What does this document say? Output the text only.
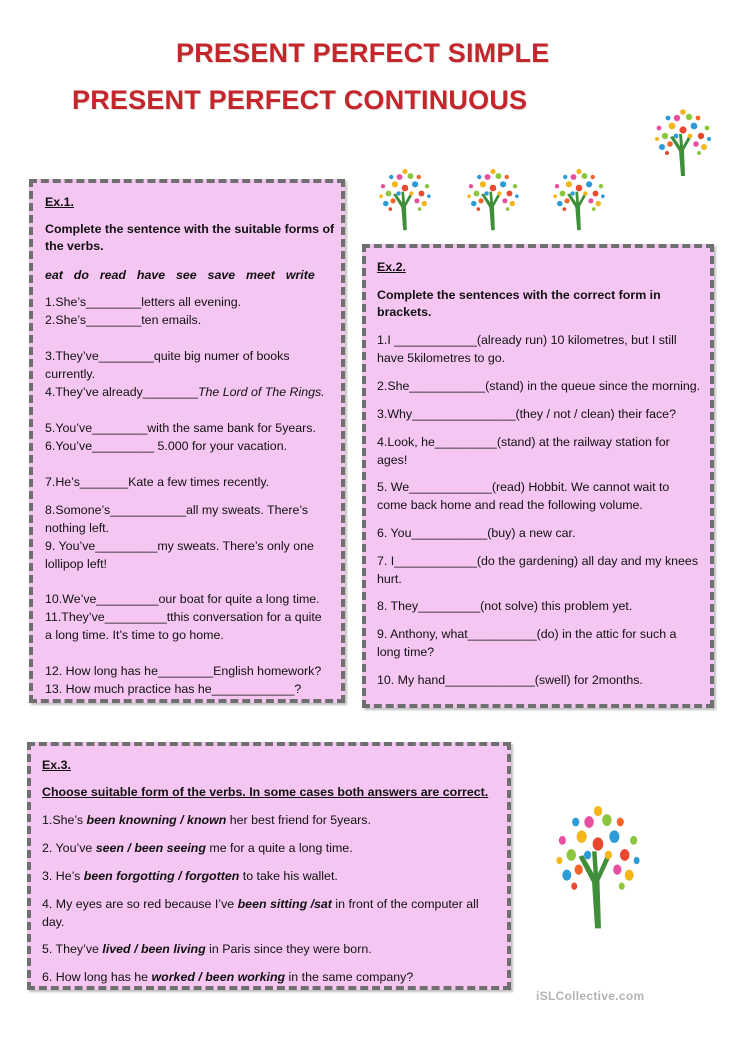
PRESENT PERFECT SIMPLE
PRESENT PERFECT CONTINUOUS

Ex.1.

Complete the sentence with the suitable forms of

the verbs.

eat  do  read  have  see  save  meet  write

1.She’s________letters all evening.

2.She’s________ten emails.

3.They’ve________quite big numer of books

currently.

4.They’ve already________The Lord of The Rings.

5.You’ve________with the same bank for 5years.

6.You’ve_________ 5.000 for your vacation.

7.He’s_______Kate a few times recently.

8.Somone’s___________all my sweats. There’s

nothing left.

9. You’ve_________my sweats. There’s only one

lollipop left!

10.We’ve_________our boat for quite a long time.

11.They’ve_________tthis conversation for a quite

a long time. It’s time to go home.

12. How long has he________English homework?

13. How much practice has he____________?

Ex.2.

Complete the sentences with the correct form in

brackets.

1.I ____________(already run) 10 kilometres, but I still

have 5kilometres to go.

2.She___________(stand) in the queue since the morning.

3.Why_______________(they / not / clean) their face?

4.Look, he_________(stand) at the railway station for

ages!

5. We____________(read) Hobbit. We cannot wait to

come back home and read the following volume.

6. You___________(buy) a new car.

7. I____________(do the gardening) all day and my knees

hurt.

8. They_________(not solve) this problem yet.

9. Anthony, what__________(do) in the attic for such a

long time?

10. My hand_____________(swell) for 2months.

Ex.3.

Choose suitable form of the verbs. In some cases both answers are correct.

1.She’s been knowning / known her best friend for 5years.

2. You’ve seen / been seeing me for a quite a long time.

3. He’s been forgotting / forgotten to take his wallet.

4. My eyes are so red because I’ve been sitting /sat in front of the computer all

day.

5. They’ve lived / been living in Paris since they were born.

6. How long has he worked / been working in the same company?

iSLCollective.com
